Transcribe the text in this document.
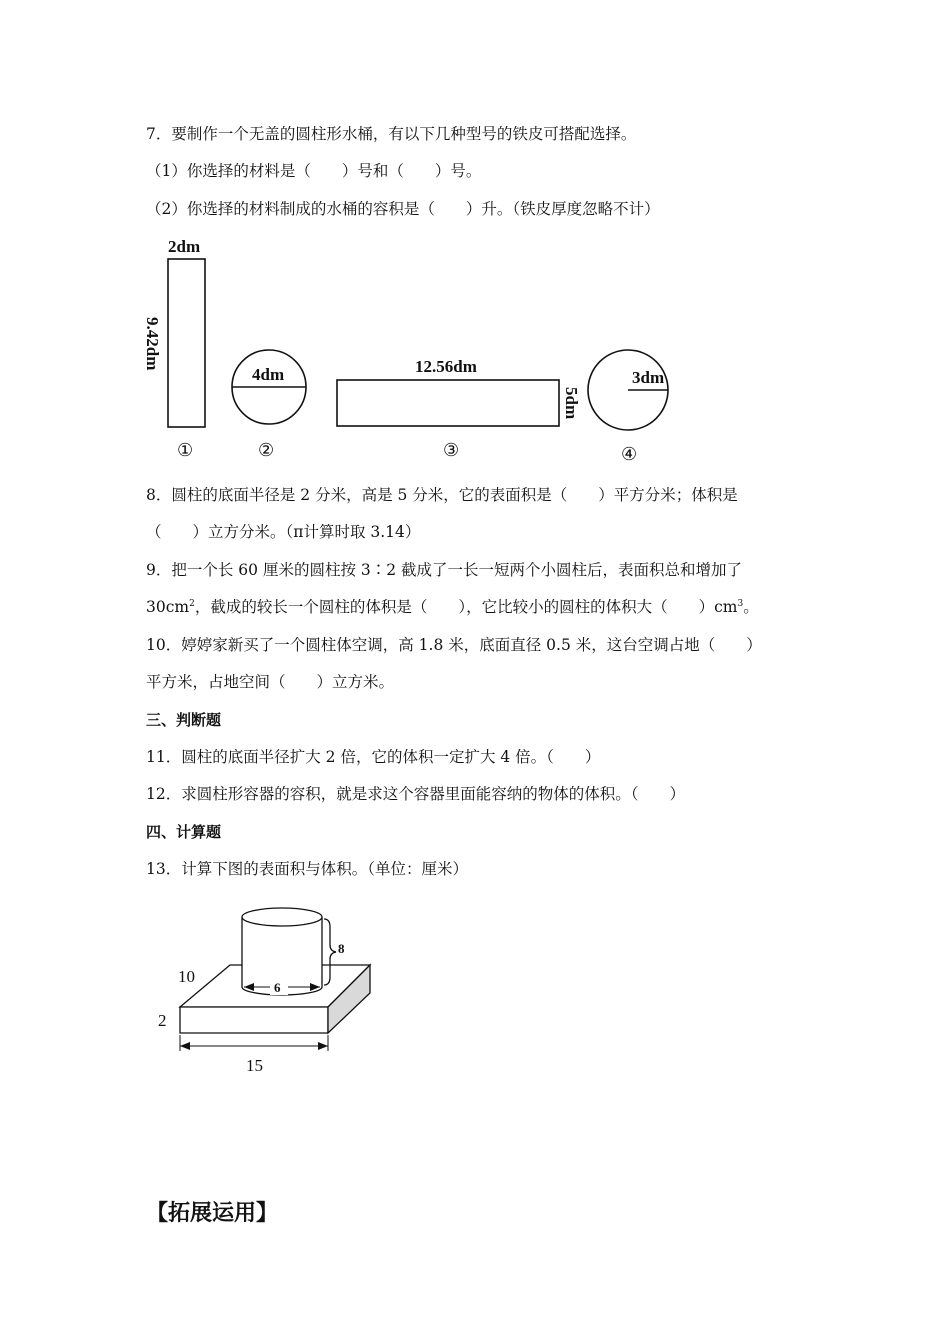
7．要制作一个无盖的圆柱形水桶，有以下几种型号的铁皮可搭配选择。
（1）你选择的材料是（　　）号和（　　）号。
（2）你选择的材料制成的水桶的容积是（　　）升。（铁皮厚度忽略不计）
2dm
9.42dm
①
4dm
②
12.56dm
5dm
③
3dm
④
8．圆柱的底面半径是 2 分米，高是 5 分米，它的表面积是（　　）平方分米；体积是
（　　）立方分米。（π计算时取 3.14）
9．把一个长 60 厘米的圆柱按 3∶2 截成了一长一短两个小圆柱后，表面积总和增加了
$30cm^2$，截成的较长一个圆柱的体积是（　　），它比较小的圆柱的体积大（　　）$cm^3$。
10．婷婷家新买了一个圆柱体空调，高 1.8 米，底面直径 0.5 米，这台空调占地（　　）
平方米，占地空间（　　）立方米。
三、判断题
11．圆柱的底面半径扩大 2 倍，它的体积一定扩大 4 倍。（　　）
12．求圆柱形容器的容积，就是求这个容器里面能容纳的物体的体积。（　　）
四、计算题
13．计算下图的表面积与体积。（单位：厘米）
6
8
10
2
15
【拓展运用】
